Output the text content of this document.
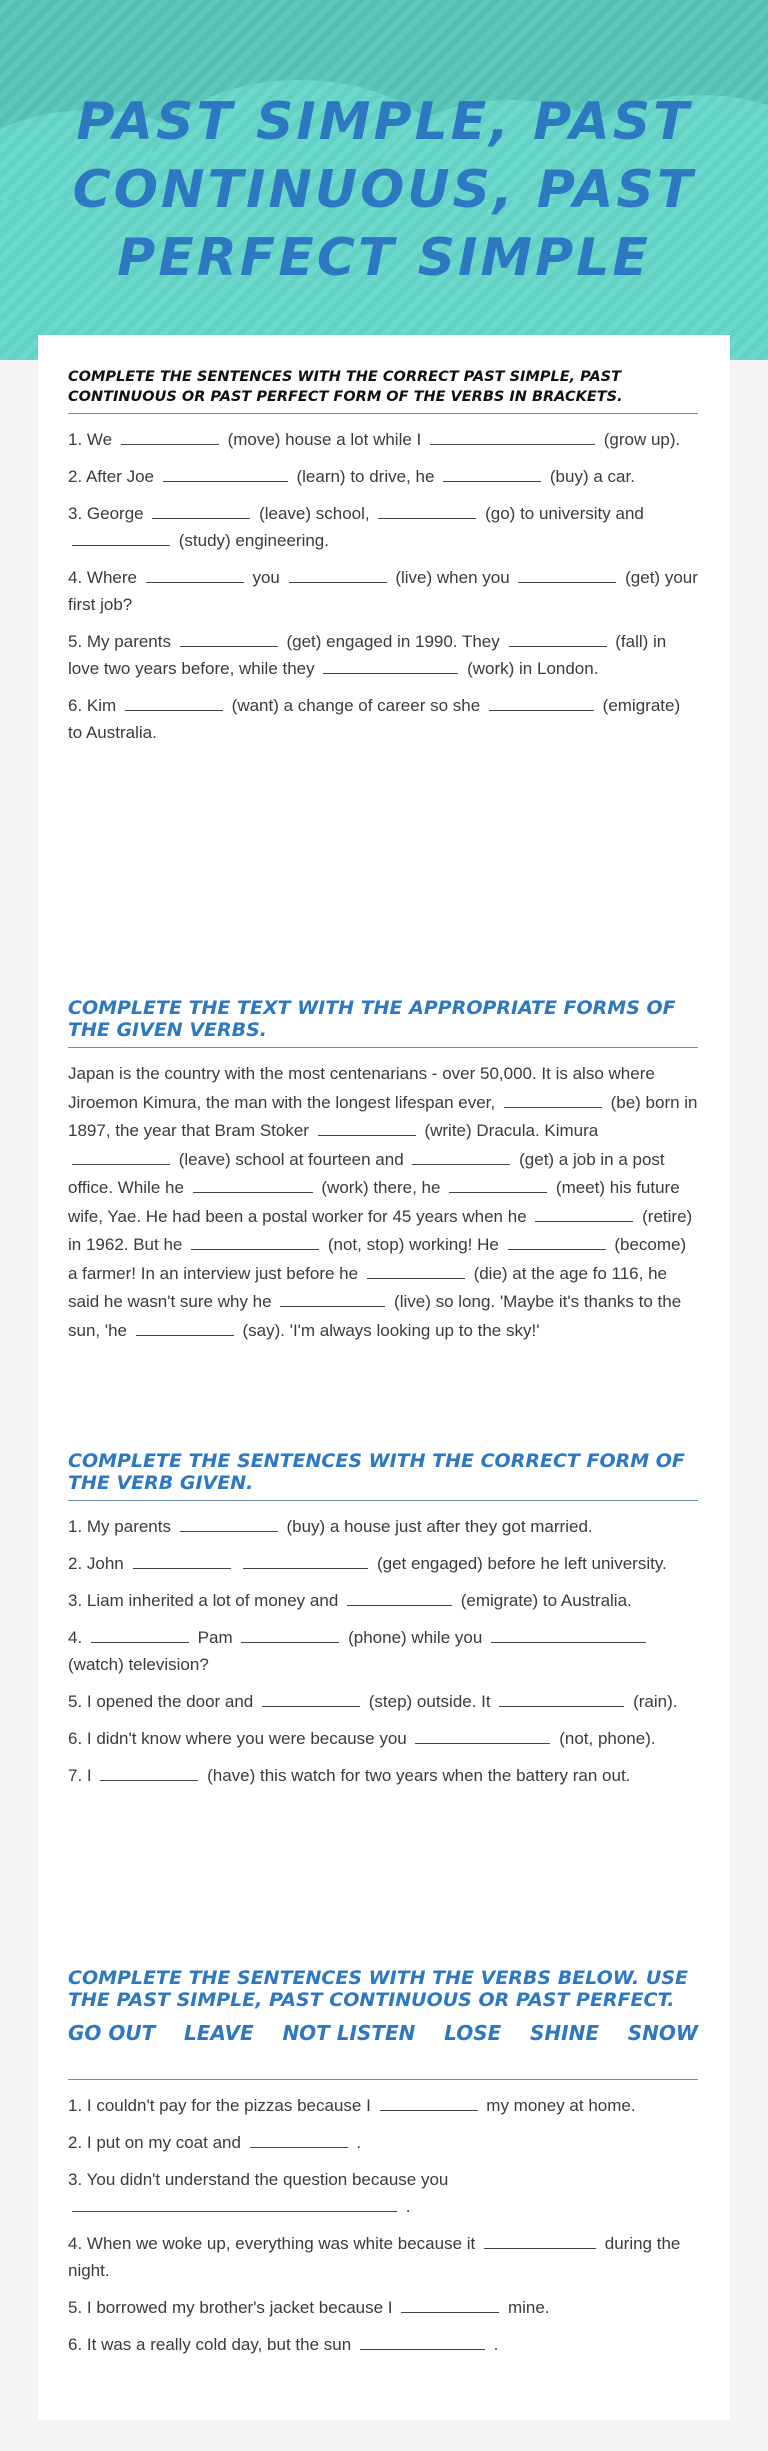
PAST SIMPLE, PAST CONTINUOUS, PAST PERFECT SIMPLE
COMPLETE THE SENTENCES WITH THE CORRECT PAST SIMPLE, PAST CONTINUOUS OR PAST PERFECT FORM OF THE VERBS IN BRACKETS.

1. We	(move) house a lot while I	(grow up).

2. After Joe	(learn) to drive, he	(buy) a car.

3. George	(leave) school,	(go) to university and  (study) engineering.

4. Where	you	(live) when you	(get) your first job?

5. My parents	(get) engaged in 1990. They	(fall) in love two years before, while they	(work) in London.

6. Kim	(want) a change of career so she	(emigrate) to Australia.

COMPLETE THE TEXT WITH THE APPROPRIATE FORMS OF THE GIVEN VERBS.

Japan is the country with the most centenarians - over 50,000. It is also where Jiroemon Kimura, the man with the longest lifespan ever,	(be) born in 1897, the year that Bram Stoker	(write) Dracula. Kimura  (leave) school at fourteen and	(get) a job in a post office. While he	(work) there, he	(meet) his future wife, Yae. He had been a postal worker for 45 years when he	(retire) in 1962. But he	(not, stop) working! He	(become) a farmer! In an interview just before he	(die) at the age fo 116, he said he wasn't sure why he	(live) so long. 'Maybe it's thanks to the sun, 'he	(say). 'I'm always looking up to the sky!'

COMPLETE THE SENTENCES WITH THE CORRECT FORM OF THE VERB GIVEN.

1. My parents	(buy) a house just after they got married.

2. John	(get engaged) before he left university.

3. Liam inherited a lot of money and	(emigrate) to Australia.

4.	Pam	(phone) while you  (watch) television?

5. I opened the door and	(step) outside. It	(rain).

6. I didn't know where you were because you	(not, phone).

7. I	(have) this watch for two years when the battery ran out.

COMPLETE THE SENTENCES WITH THE VERBS BELOW. USE THE PAST SIMPLE, PAST CONTINUOUS OR PAST PERFECT.
GO OUT LEAVE NOT LISTEN LOSE SHINE SNOW

1. I couldn't pay for the pizzas because I	my money at home.

2. I put on my coat and	.

3. You didn't understand the question because you  .

4. When we woke up, everything was white because it	during the night.

5. I borrowed my brother's jacket because I	mine.

6. It was a really cold day, but the sun	.
